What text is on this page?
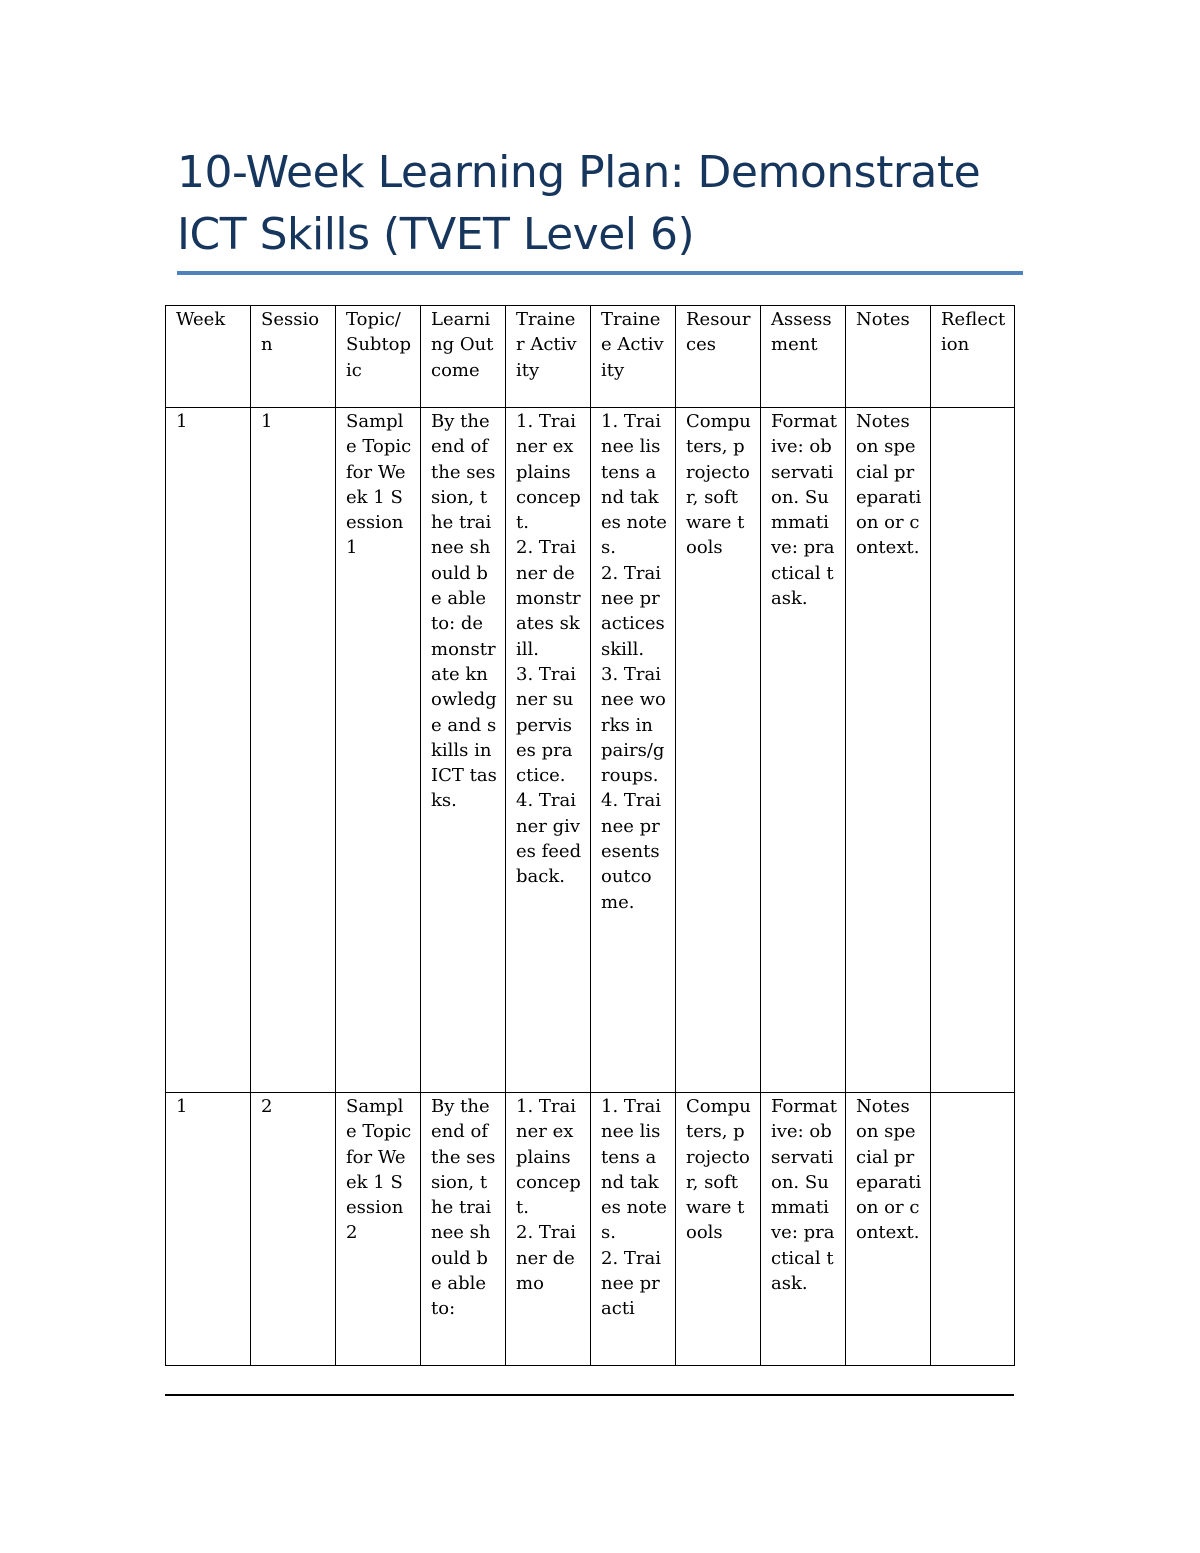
10-Week Learning Plan: Demonstrate ICT Skills (TVET Level 6)
Week	Session	Topic/Subtopic	Learning Outcome	Trainer Activity	Trainee Activity	Resources	Assessment	Notes	Reflection
1	1	Sample Topic for Week 1 Session 1	By the end of the session, the trainee should be able to: demonstrate knowledge and skills in ICT tasks.	1. Trainer explains concept.
2. Trainer demonstrates skill.
3. Trainer supervises practice.
4. Trainer gives feedback.	1. Trainee listens and takes notes.
2. Trainee practices skill.
3. Trainee works in pairs/groups.
4. Trainee presents outcome.	Computers, projector, software tools	Formative: observation. Summative: practical task.	Notes on special preparation or context.	
1	2	Sample Topic for Week 1 Session 2	By the end of the session, the trainee should be able to:	1. Trainer explains concept.
2. Trainer demo	1. Trainee listens and takes notes.
2. Trainee practi	Computers, projector, software tools	Formative: observation. Summative: practical task.	Notes on special preparation or context.	
